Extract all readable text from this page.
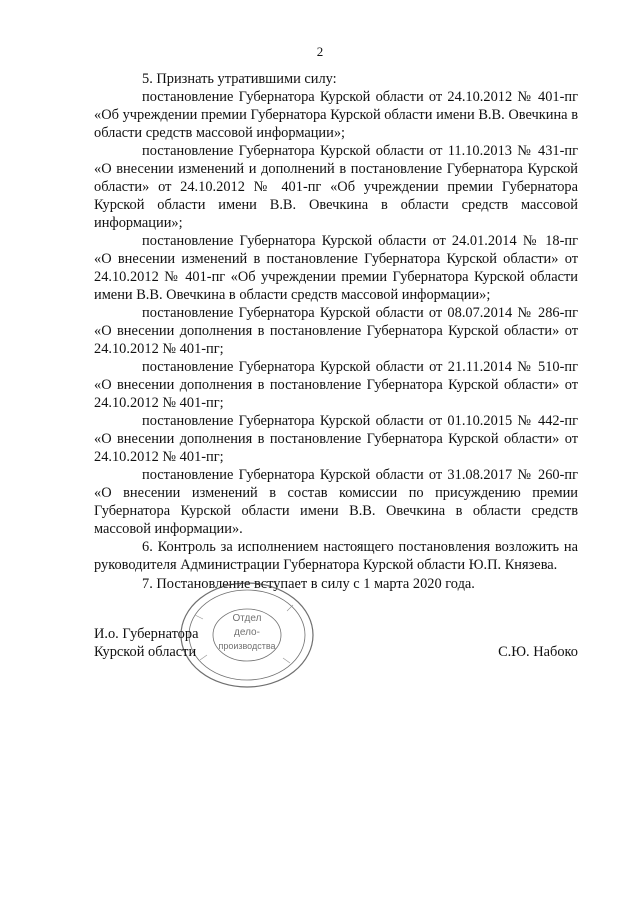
2

5. Признать утратившими силу:

постановление Губернатора Курской области от 24.10.2012 № 401-пг «Об учреждении премии Губернатора Курской области имени В.В. Овечкина в области средств массовой информации»;

постановление Губернатора Курской области от 11.10.2013 № 431-пг «О внесении изменений и дополнений в постановление Губернатора Курской области» от 24.10.2012 № 401-пг «Об учреждении премии Губернатора Курской области имени В.В. Овечкина в области средств массовой информации»;

постановление Губернатора Курской области от 24.01.2014 № 18-пг «О внесении изменений в постановление Губернатора Курской области» от 24.10.2012 № 401-пг «Об учреждении премии Губернатора Курской области имени В.В. Овечкина в области средств массовой информации»;

постановление Губернатора Курской области от 08.07.2014 № 286-пг «О внесении дополнения в постановление Губернатора Курской области» от 24.10.2012 № 401-пг;

постановление Губернатора Курской области от 21.11.2014 № 510-пг «О внесении дополнения в постановление Губернатора Курской области» от 24.10.2012 № 401-пг;

постановление Губернатора Курской области от 01.10.2015 № 442-пг «О внесении дополнения в постановление Губернатора Курской области» от 24.10.2012 № 401-пг;

постановление Губернатора Курской области от 31.08.2017 № 260-пг «О внесении изменений в состав комиссии по присуждению премии Губернатора Курской области имени В.В. Овечкина в области средств массовой информации».

6. Контроль за исполнением настоящего постановления возложить на руководителя Администрации Губернатора Курской области Ю.П. Князева.

7. Постановление вступает в силу с 1 марта 2020 года.

Отдел
дело-
производства
И.о. Губернатора
Курской области	С.Ю. Набоко
